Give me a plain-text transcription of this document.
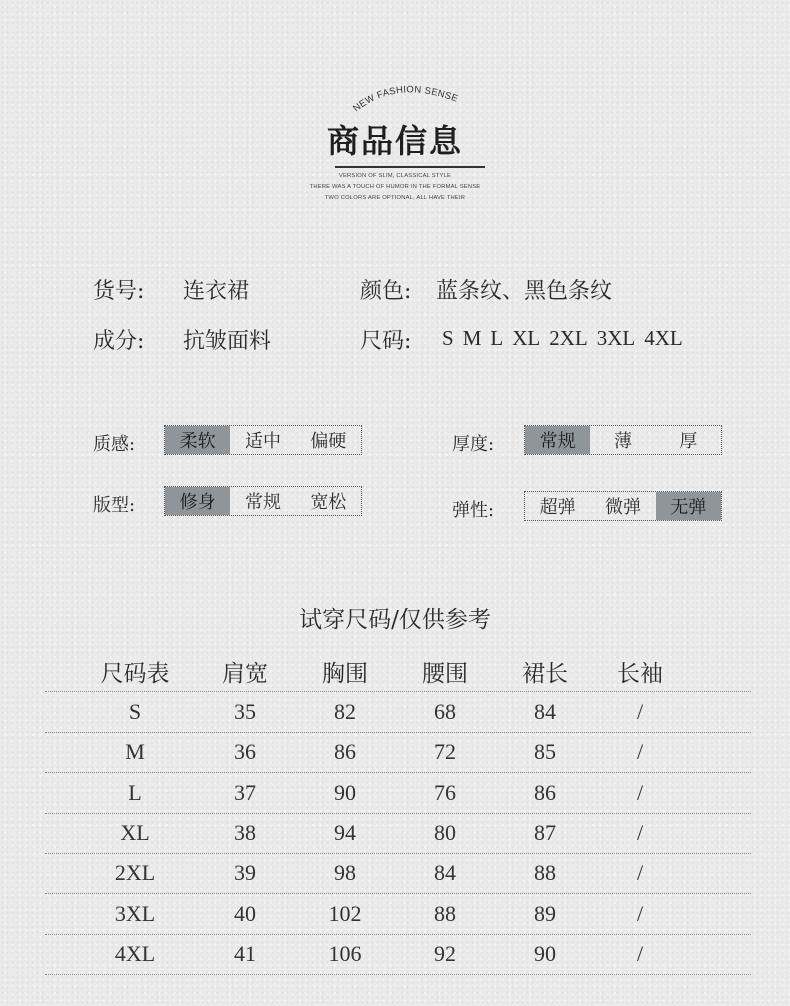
NEW FASHION SENSE
商品信息
VERSION OF SLIM, CLASSICAL STYLE
THERE WAS A TOUCH OF HUMOR IN THE FORMAL SENSE
TWO COLORS ARE OPTIONAL, ALL HAVE THEIR
货号: 连衣裙	颜色: 蓝条纹、黑色条纹
成分: 抗皱面料	尺码: S M L XL 2XL 3XL 4XL
质感:	柔软	适中	偏硬	厚度:	常规	薄	厚
版型:	修身	常规	宽松	弹性:	超弹	微弹	无弹
试穿尺码/仅供参考
尺码表	肩宽	胸围	腰围	裙长	长袖
S	35	82	68	84	/
M	36	86	72	85	/
L	37	90	76	86	/
XL	38	94	80	87	/
2XL	39	98	84	88	/
3XL	40	102	88	89	/
4XL	41	106	92	90	/
